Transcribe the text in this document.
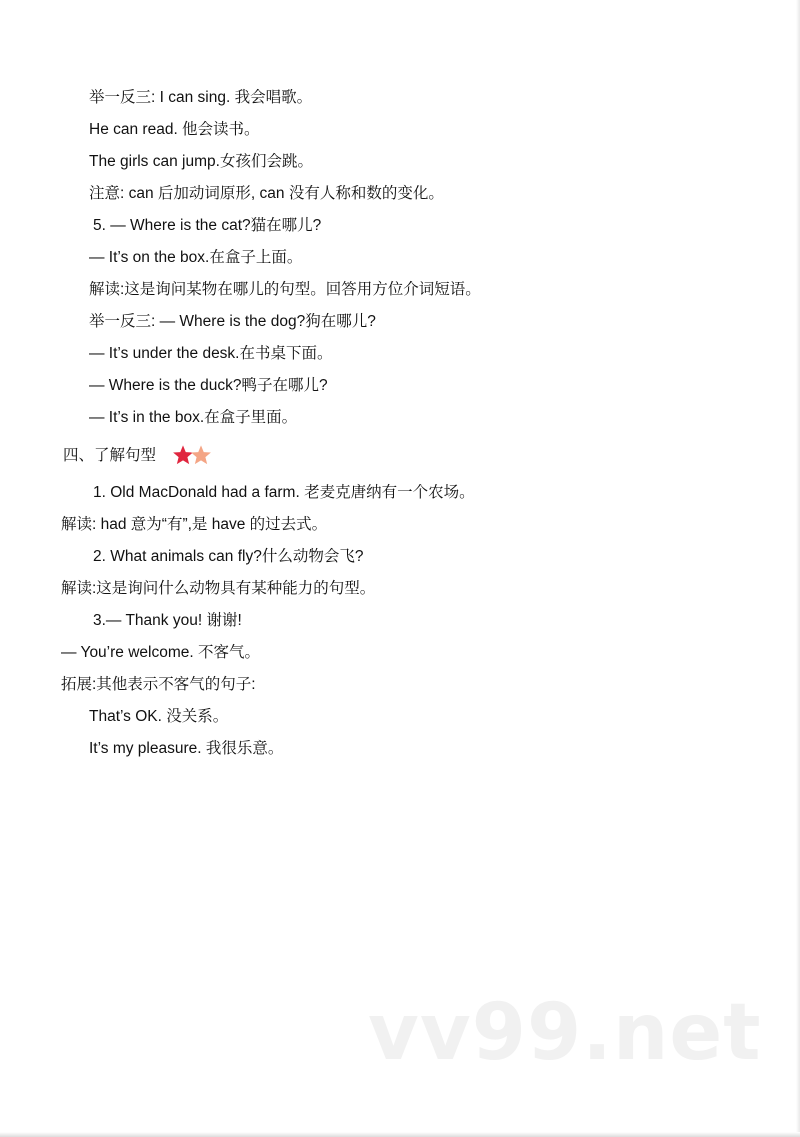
举一反三: I can sing. 我会唱歌。
He can read. 他会读书。
The girls can jump.女孩们会跳。
注意: can 后加动词原形, can 没有人称和数的变化。
5. — Where is the cat?猫在哪儿?
— It’s on the box.在盒子上面。
解读:这是询问某物在哪儿的句型。回答用方位介词短语。
举一反三: — Where is the dog?狗在哪儿?
— It’s under the desk.在书桌下面。
— Where is the duck?鸭子在哪儿?
— It’s in the box.在盒子里面。
四、了解句型
1. Old MacDonald had a farm. 老麦克唐纳有一个农场。
解读: had 意为“有”,是 have 的过去式。
2. What animals can fly?什么动物会飞?
解读:这是询问什么动物具有某种能力的句型。
3.— Thank you! 谢谢!
— You’re welcome. 不客气。
拓展:其他表示不客气的句子:
That’s OK. 没关系。
It’s my pleasure. 我很乐意。
vv99.net
